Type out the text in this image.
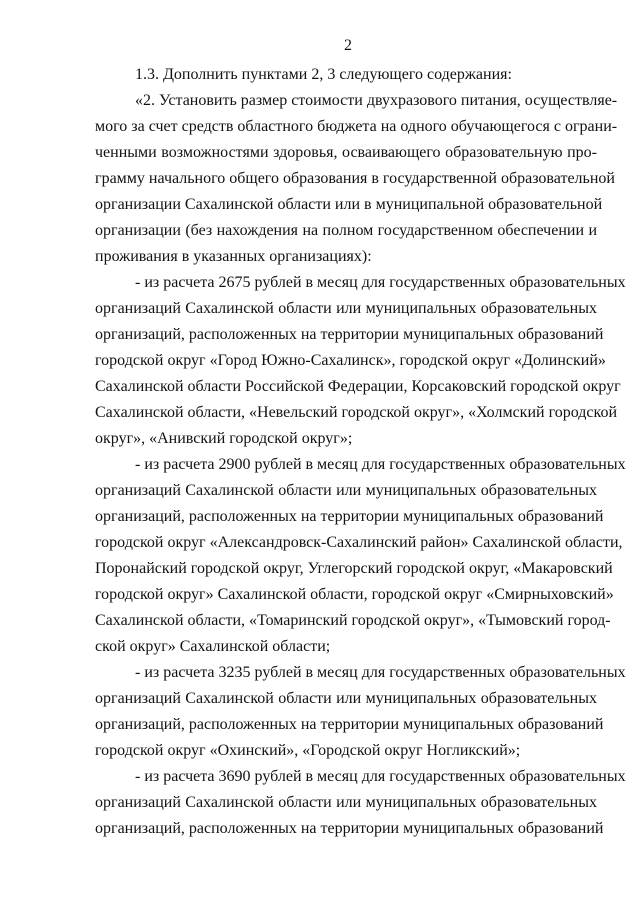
2
1.3. Дополнить пунктами 2, 3 следующего содержания:
«2. Установить размер стоимости двухразового питания, осуществляе-
мого за счет средств областного бюджета на одного обучающегося с ограни-
ченными возможностями здоровья, осваивающего образовательную про-
грамму начального общего образования в государственной образовательной
организации Сахалинской области или в муниципальной образовательной
организации (без нахождения на полном государственном обеспечении и
проживания в указанных организациях):
- из расчета 2675 рублей в месяц для государственных образовательных
организаций Сахалинской области или муниципальных образовательных
организаций, расположенных на территории муниципальных образований
городской округ «Город Южно-Сахалинск», городской округ «Долинский»
Сахалинской области Российской Федерации, Корсаковский городской округ
Сахалинской области, «Невельский городской округ», «Холмский городской
округ», «Анивский городской округ»;
- из расчета 2900 рублей в месяц для государственных образовательных
организаций Сахалинской области или муниципальных образовательных
организаций, расположенных на территории муниципальных образований
городской округ «Александровск-Сахалинский район» Сахалинской области,
Поронайский городской округ, Углегорский городской округ, «Макаровский
городской округ» Сахалинской области, городской округ «Смирныховский»
Сахалинской области, «Томаринский городской округ», «Тымовский город-
ской округ» Сахалинской области;
- из расчета 3235 рублей в месяц для государственных образовательных
организаций Сахалинской области или муниципальных образовательных
организаций, расположенных на территории муниципальных образований
городской округ «Охинский», «Городской округ Ногликский»;
- из расчета 3690 рублей в месяц для государственных образовательных
организаций Сахалинской области или муниципальных образовательных
организаций, расположенных на территории муниципальных образований
